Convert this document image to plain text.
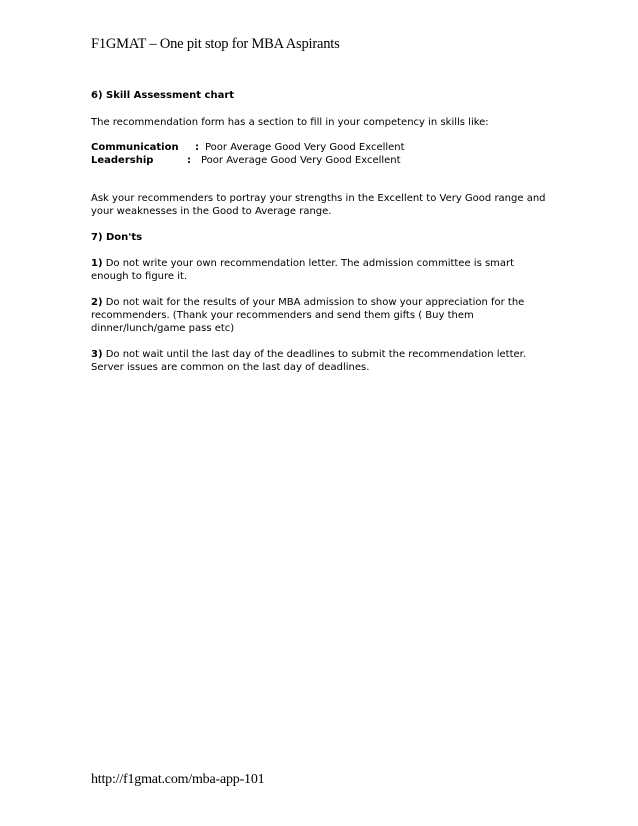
F1GMAT – One pit stop for MBA Aspirants

6) Skill Assessment chart

The recommendation form has a section to fill in your competency in skills like:

Communication	: Poor Average Good Very Good Excellent
Leadership	:	Poor Average Good Very Good Excellent

Ask your recommenders to portray your strengths in the Excellent to Very Good range and your weaknesses in the Good to Average range.

7) Don'ts

1) Do not write your own recommendation letter. The admission committee is smart enough to figure it.

2) Do not wait for the results of your MBA admission to show your appreciation for the recommenders. (Thank your recommenders and send them gifts ( Buy them dinner/lunch/game pass etc)

3) Do not wait until the last day of the deadlines to submit the recommendation letter. Server issues are common on the last day of deadlines.

http://f1gmat.com/mba-app-101
